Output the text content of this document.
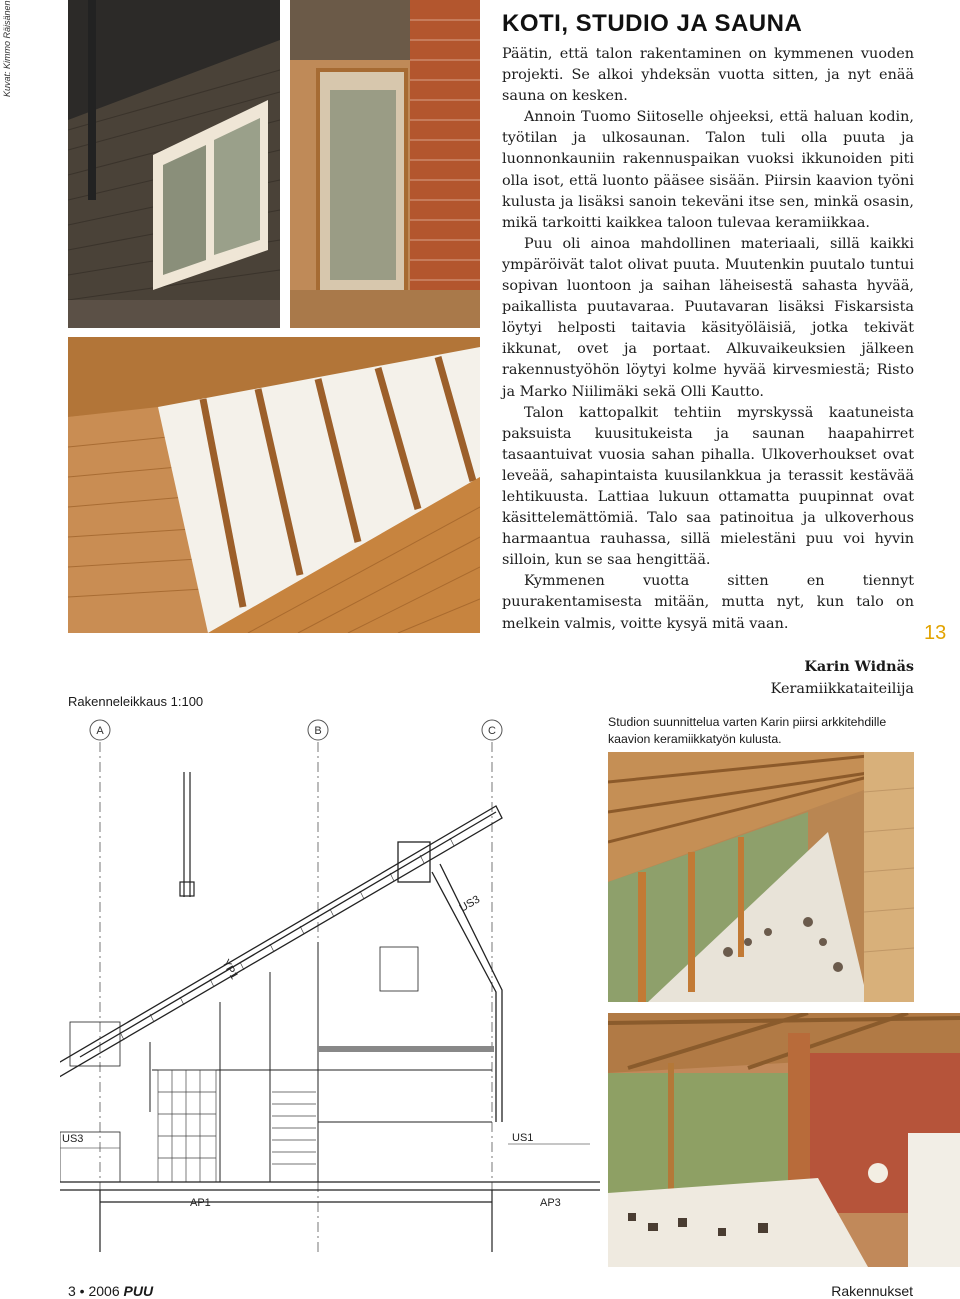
Kuvat: Kimmo Räisänen	KOTI, STUDIO JA SAUNA

Päätin, että talon rakentaminen on kymmenen vuoden projekti. Se alkoi yhdeksän vuotta sitten, ja nyt enää sauna on kesken.

Annoin Tuomo Siitoselle ohjeeksi, että haluan kodin, työtilan ja ulkosaunan. Talon tuli olla puuta ja luonnonkauniin rakennuspaikan vuoksi ikkunoiden piti olla isot, että luonto pääsee sisään. Piirsin kaavion työni kulusta ja lisäksi sanoin tekeväni itse sen, minkä osasin, mikä tarkoitti kaikkea taloon tulevaa keramiikkaa.

Puu oli ainoa mahdollinen materiaali, sillä kaikki ympäröivät talot olivat puuta. Muutenkin puutalo tuntui sopivan luontoon ja saihan läheisestä sahasta hyvää, paikallista puutavaraa. Puutavaran lisäksi Fiskarsista löytyi helposti taitavia käsityöläisiä, jotka tekivät ikkunat, ovet ja portaat. Alkuvaikeuksien jälkeen rakennustyöhön löytyi kolme hyvää kirvesmiestä; Risto ja Marko Niilimäki sekä Olli Kautto.

Talon kattopalkit tehtiin myrskyssä kaatuneista paksuista kuusitukeista ja saunan haapahirret tasaantuivat vuosia sahan pihalla. Ulkoverhoukset ovat leveää, sahapintaista kuusilankkua ja terassit kestävää lehtikuusta. Lattiaa lukuun ottamatta puupinnat ovat käsittelemättömiä. Talo saa patinoitua ja ulkoverhous harmaantua rauhassa, sillä mielestäni puu voi hyvin silloin, kun se saa hengittää.

Kymmenen vuotta sitten en tiennyt puurakentamisesta mitään, mutta nyt, kun talo on melkein valmis, voitte kysyä mitä vaan.	13
Karin Widnäs
Keramiikkataiteilija
Studion suunnittelua varten Karin piirsi arkkitehdille kaavion keramiikkatyön kulusta.
Rakenneleikkaus 1:100
A	B	C
US3
YP1
US3	US1
AP1	AP3
3 • 2006 PUU	Rakennukset
